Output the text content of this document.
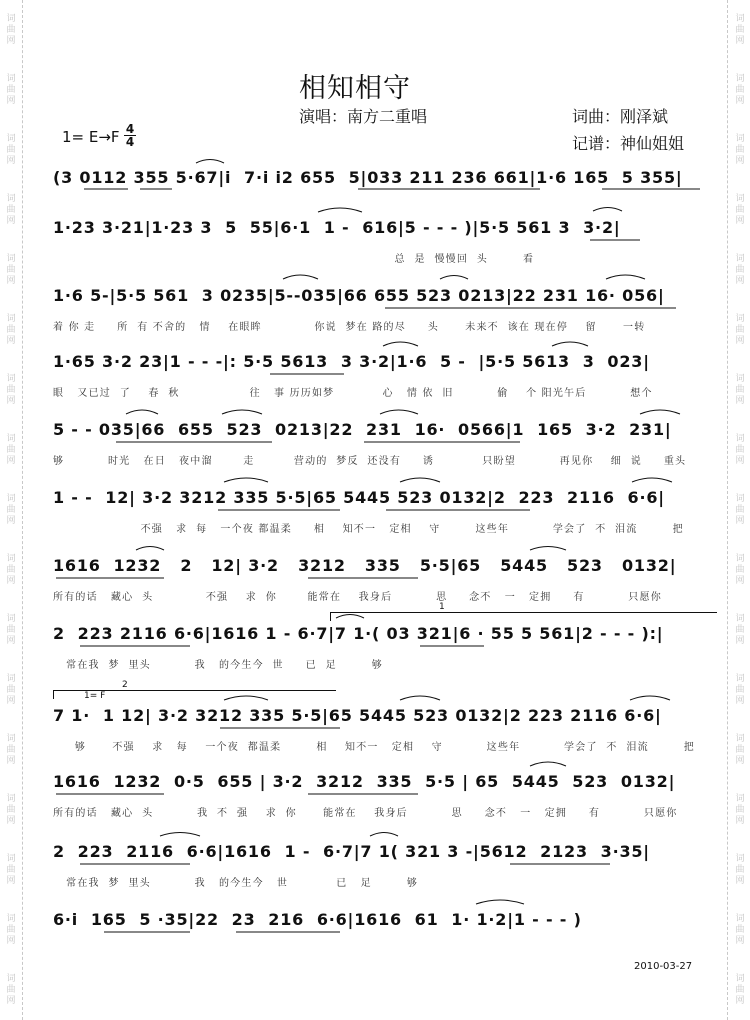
词
曲
网
词
曲
网
词
曲
网
词
曲
网
词
曲
网
词
曲
网
词
曲
网
词
曲
网
词
曲
网
词
曲
网
词
曲
网
词
曲
网
词
曲
网
词
曲
网
词
曲
网
词
曲
网
词
曲
网
词
曲
网
词
曲
网
词
曲
网
词
曲
网
词
曲
网
词
曲
网
词
曲
网
词
曲
网
词
曲
网
词
曲
网
词
曲
网
词
曲
网
词
曲
网
词
曲
网
词
曲
网
词
曲
网
词
曲
网
相知相守
演唱：南方二重唱	词曲：刚泽斌
记谱：神仙姐姐
1= E→F 4
4
(3 0112 355 5·67|i  7·i i2 655  5|033 211 236 661|1·6 165  5 355|
1·23 3·21|1·23 3  5  55|6·1  1 -  616|5 - - - )|5·5 561 3  3·2|
总  是  慢慢回  头        看
1·6 5-|5·5 561  3 0235|5--035|66 655 523 0213|22 231 16· 056|
着 你 走     所  有 不舍的   情    在眼眸            你说  梦在 路的尽     头      未来不  该在 现在停    留      一转
1·65 3·2 23|1 - - -|: 5·5 5613  3 3·2|1·6  5 -  |5·5 5613  3  023|
眼   又已过  了    春  秋                往   事 历历如梦           心   情 依  旧          偷    个 阳光午后          想个
5 - - 035|66  655  523  0213|22  231  16·  0566|1  165  3·2  231|
够          时光   在日   夜中溜       走         营动的  梦反  还没有     诱           只盼望          再见你    细  说     重头
1 - -  12| 3·2 3212 335 5·5|65 5445 523 0132|2  223  2116  6·6|
不强   求  每   一个夜 都温柔     相    知不一   定相    守        这些年          学会了  不  泪流        把
1616  1232   2   12| 3·2   3212   335   5·5|65   5445   523   0132|
所有的话   藏心  头            不强    求  你       能常在    我身后          思     念不   一   定拥     有          只愿你
2  223 2116 6·6|1616 1 - 6·7|7 1·( 03 321|6 · 55 5 561|2 - - - ):|
常在我  梦  里头          我   的今生今  世     已  足        够
1
2
1= F
7 1·  1 12| 3·2 3212 335 5·5|65 5445 523 0132|2 223 2116 6·6|
够      不强    求   每    一个夜  都温柔        相    知不一   定相    守          这些年          学会了  不  泪流        把
1616  1232  0·5  655 | 3·2  3212  335  5·5 | 65  5445  523  0132|
所有的话   藏心  头          我  不  强    求  你      能常在    我身后          思     念不   一   定拥     有          只愿你
2  223  2116  6·6|1616  1 -  6·7|7 1( 321 3 -|5612  2123  3·35|
常在我  梦  里头          我   的今生今   世           已   足        够
6·i  165  5 ·35|22  23  216  6·6|1616  61  1· 1·2|1 - - - )
2010-03-27
